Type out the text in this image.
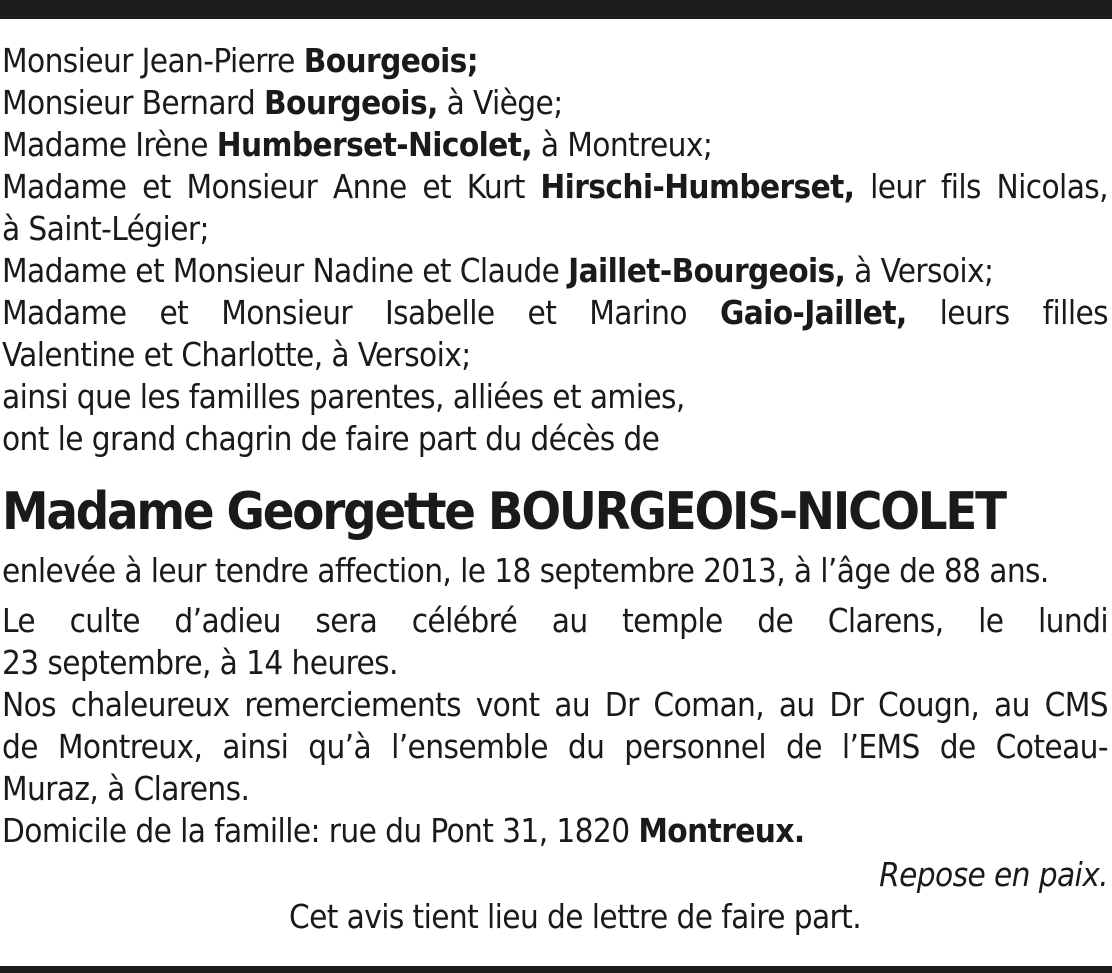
Monsieur Jean-Pierre Bourgeois;
Monsieur Bernard Bourgeois, à Viège;
Madame Irène Humberset-Nicolet, à Montreux;
Madame et Monsieur Anne et Kurt Hirschi-Humberset, leur fils Nicolas,
à Saint-Légier;
Madame et Monsieur Nadine et Claude Jaillet-Bourgeois, à Versoix;
Madame et Monsieur Isabelle et Marino Gaio-Jaillet, leurs filles
Valentine et Charlotte, à Versoix;
ainsi que les familles parentes, alliées et amies,
ont le grand chagrin de faire part du décès de
Madame Georgette BOURGEOIS-NICOLET
enlevée à leur tendre affection, le 18 septembre 2013, à l’âge de 88 ans.
Le culte d’adieu sera célébré au temple de Clarens, le lundi
23 septembre, à 14 heures.
Nos chaleureux remerciements vont au Dr Coman, au Dr Cougn, au CMS
de Montreux, ainsi qu’à l’ensemble du personnel de l’EMS de Coteau-
Muraz, à Clarens.
Domicile de la famille: rue du Pont 31, 1820 Montreux.
Repose en paix.
Cet avis tient lieu de lettre de faire part.
